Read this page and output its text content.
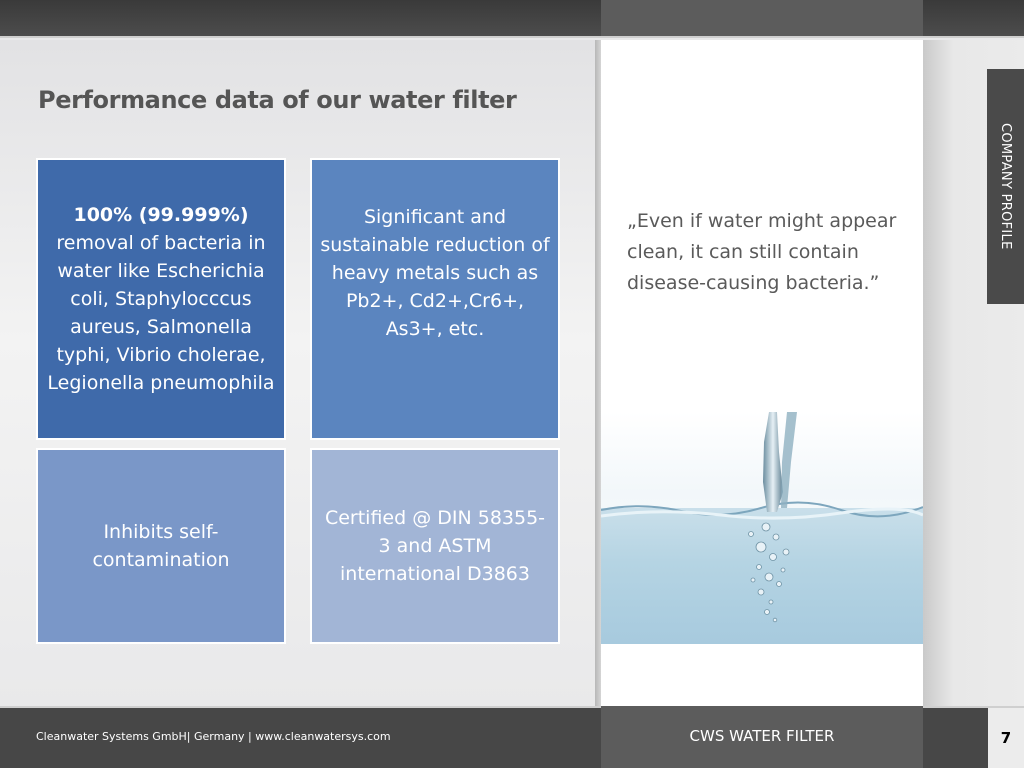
Performance data of our water filter
100% (99.999%)
removal of bacteria in water like Escherichia coli, Staphylocccus aureus, Salmonella typhi, Vibrio cholerae, Legionella pneumophila
Significant and sustainable reduction of heavy metals such as Pb2+, Cd2+,Cr6+, As3+, etc.
Inhibits self-contamination
Certified @ DIN 58355-3 and ASTM international D3863

„Even if water might appear clean, it can still contain disease-causing bacteria.”

COMPANY PROFILE
Cleanwater Systems GmbH| Germany | www.cleanwatersys.com	CWS WATER FILTER	7
